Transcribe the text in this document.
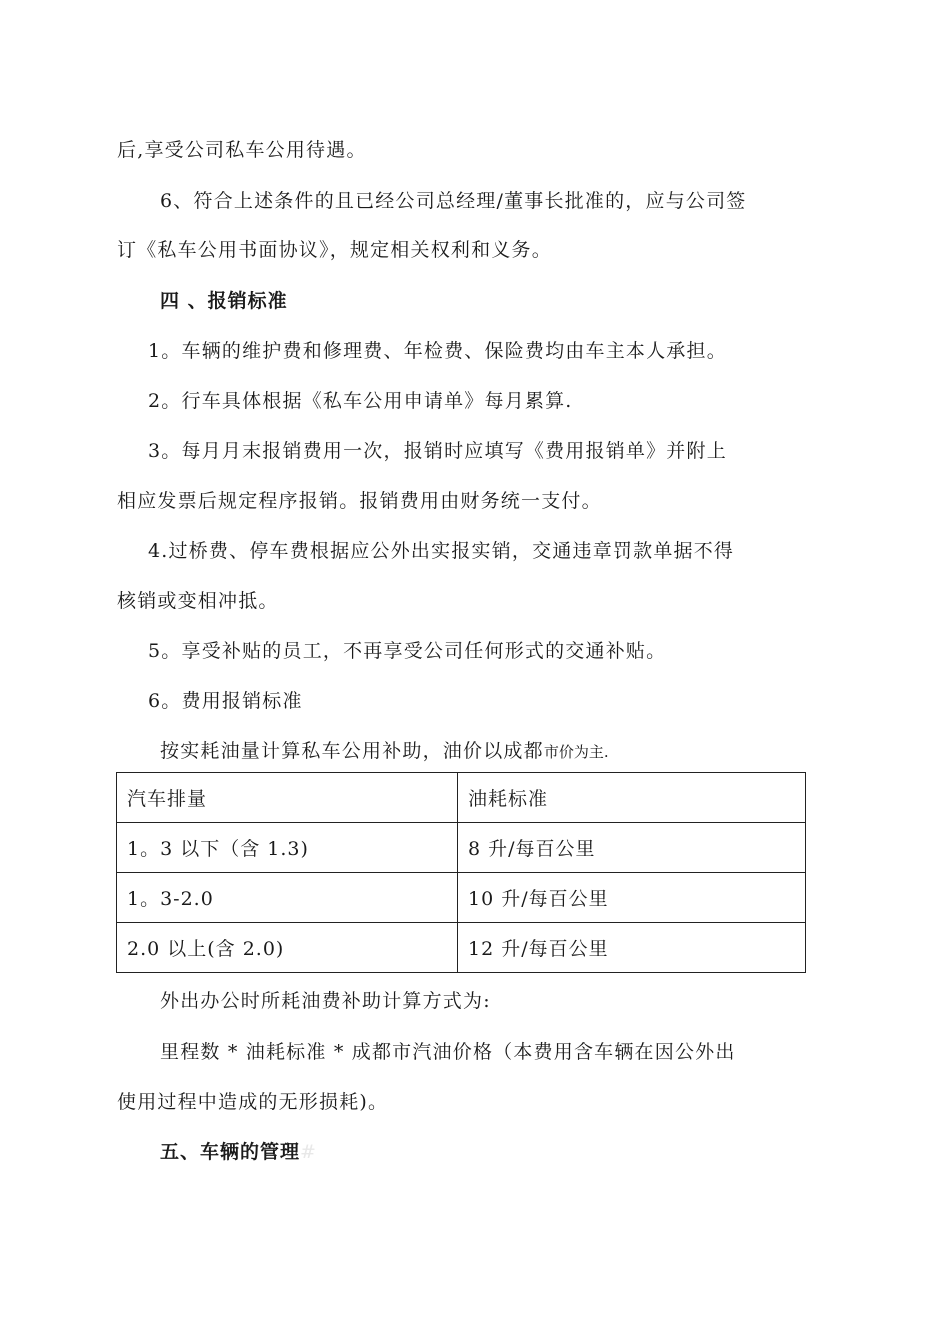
后,享受公司私车公用待遇。
6、符合上述条件的且已经公司总经理/董事长批准的，应与公司签
订《私车公用书面协议》，规定相关权利和义务。
四 、报销标准
1。车辆的维护费和修理费、年检费、保险费均由车主本人承担。
2。行车具体根据《私车公用申请单》每月累算.
3。每月月末报销费用一次，报销时应填写《费用报销单》并附上
相应发票后规定程序报销。报销费用由财务统一支付。
4.过桥费、停车费根据应公外出实报实销，交通违章罚款单据不得
核销或变相冲抵。
5。享受补贴的员工，不再享受公司任何形式的交通补贴。
6。费用报销标准
按实耗油量计算私车公用补助，油价以成都市价为主.
汽车排量	油耗标准
1。3 以下（含 1.3)	8 升/每百公里
1。3-2.0	10 升/每百公里
2.0 以上(含 2.0)	12 升/每百公里
外出办公时所耗油费补助计算方式为:
里程数 * 油耗标准 * 成都市汽油价格（本费用含车辆在因公外出
使用过程中造成的无形损耗)。
五、车辆的管理#
